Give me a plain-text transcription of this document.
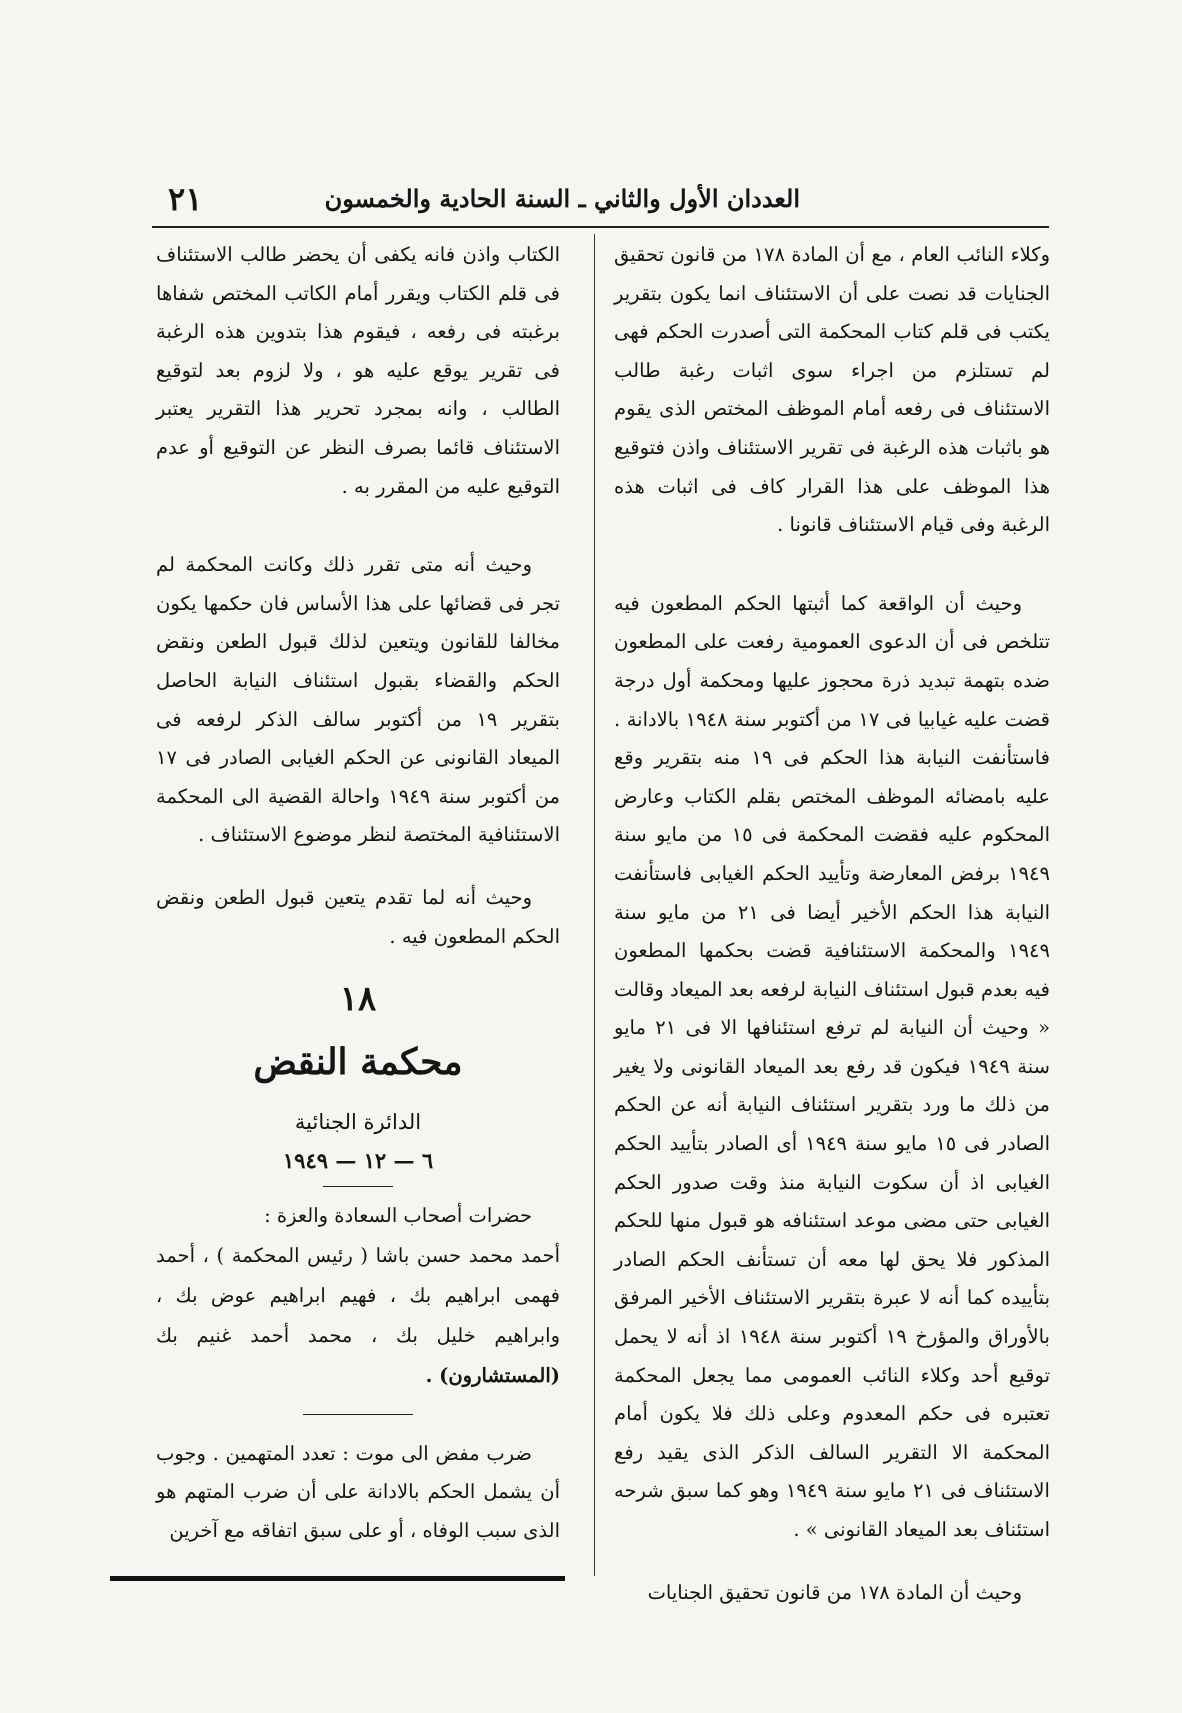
العددان الأول والثاني ـ السنة الحادية والخمسون
٢١

وكلاء النائب العام ، مع أن المادة ١٧٨ من قانون تحقيق الجنايات قد نصت على أن الاستئناف انما يكون بتقرير يكتب فى قلم كتاب المحكمة التى أصدرت الحكم فهى لم تستلزم من اجراء سوى اثبات رغبة طالب الاستئناف فى رفعه أمام الموظف المختص الذى يقوم هو باثبات هذه الرغبة فى تقرير الاستئناف واذن فتوقيع هذا الموظف على هذا القرار كاف فى اثبات هذه الرغبة وفى قيام الاستئناف قانونا .

وحيث أن الواقعة كما أثبتها الحكم المطعون فيه تتلخص فى أن الدعوى العمومية رفعت على المطعون ضده بتهمة تبديد ذرة محجوز عليها ومحكمة أول درجة قضت عليه غيابيا فى ١٧ من أكتوبر سنة ١٩٤٨ بالادانة . فاستأنفت النيابة هذا الحكم فى ١٩ منه بتقرير وقع عليه بامضائه الموظف المختص بقلم الكتاب وعارض المحكوم عليه فقضت المحكمة فى ١٥ من مايو سنة ١٩٤٩ برفض المعارضة وتأييد الحكم الغيابى فاستأنفت النيابة هذا الحكم الأخير أيضا فى ٢١ من مايو سنة ١٩٤٩ والمحكمة الاستئنافية قضت بحكمها المطعون فيه بعدم قبول استئناف النيابة لرفعه بعد الميعاد وقالت « وحيث أن النيابة لم ترفع استئنافها الا فى ٢١ مايو سنة ١٩٤٩ فيكون قد رفع بعد الميعاد القانونى ولا يغير من ذلك ما ورد بتقرير استئناف النيابة أنه عن الحكم الصادر فى ١٥ مايو سنة ١٩٤٩ أى الصادر بتأييد الحكم الغيابى اذ أن سكوت النيابة منذ وقت صدور الحكم الغيابى حتى مضى موعد استئنافه هو قبول منها للحكم المذكور فلا يحق لها معه أن تستأنف الحكم الصادر بتأييده كما أنه لا عبرة بتقرير الاستئناف الأخير المرفق بالأوراق والمؤرخ ١٩ أكتوبر سنة ١٩٤٨ اذ أنه لا يحمل توقيع أحد وكلاء النائب العمومى مما يجعل المحكمة تعتبره فى حكم المعدوم وعلى ذلك فلا يكون أمام المحكمة الا التقرير السالف الذكر الذى يقيد رفع الاستئناف فى ٢١ مايو سنة ١٩٤٩ وهو كما سبق شرحه استئناف بعد الميعاد القانونى » .

وحيث أن المادة ١٧٨ من قانون تحقيق الجنايات

الكتاب واذن فانه يكفى أن يحضر طالب الاستئناف فى قلم الكتاب ويقرر أمام الكاتب المختص شفاها برغبته فى رفعه ، فيقوم هذا بتدوين هذه الرغبة فى تقرير يوقع عليه هو ، ولا لزوم بعد لتوقيع الطالب ، وانه بمجرد تحرير هذا التقرير يعتبر الاستئناف قائما بصرف النظر عن التوقيع أو عدم التوقيع عليه من المقرر به .

وحيث أنه متى تقرر ذلك وكانت المحكمة لم تجر فى قضائها على هذا الأساس فان حكمها يكون مخالفا للقانون ويتعين لذلك قبول الطعن ونقض الحكم والقضاء بقبول استئناف النيابة الحاصل بتقرير ١٩ من أكتوبر سالف الذكر لرفعه فى الميعاد القانونى عن الحكم الغيابى الصادر فى ١٧ من أكتوبر سنة ١٩٤٩ واحالة القضية الى المحكمة الاستئنافية المختصة لنظر موضوع الاستئناف .

وحيث أنه لما تقدم يتعين قبول الطعن ونقض الحكم المطعون فيه .

١٨
محكمة النقض
الدائرة الجنائية
٦ — ١٢ — ١٩٤٩

حضرات أصحاب السعادة والعزة :

أحمد محمد حسن باشا ( رئيس المحكمة ) ، أحمد فهمى ابراهيم بك ، فهيم ابراهيم عوض بك ، وابراهيم خليل بك ، محمد أحمد غنيم بك (المستشارون) .

ضرب مفض الى موت : تعدد المتهمين . وجوب أن يشمل الحكم بالادانة على أن ضرب المتهم هو الذى سبب الوفاه ، أو على سبق اتفاقه مع آخرين
